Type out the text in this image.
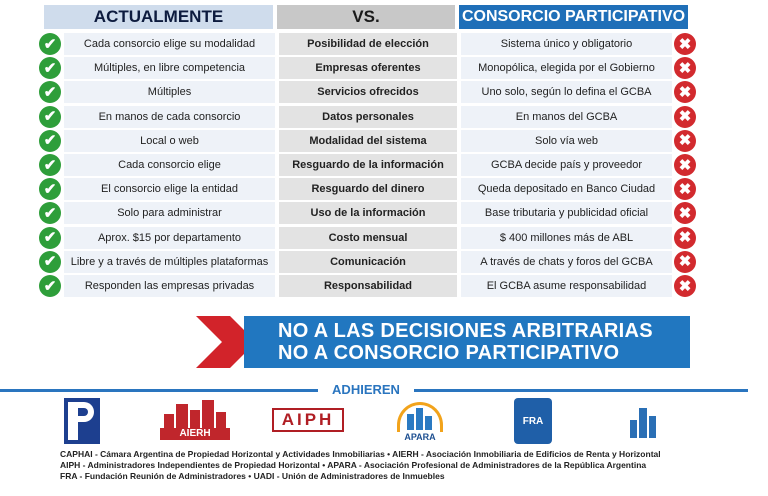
ACTUALMENTE	VS.	CONSORCIO PARTICIPATIVO
✔	Cada consorcio elige su modalidad	Posibilidad de elección	Sistema único y obligatorio	✖
✔	Múltiples, en libre competencia	Empresas oferentes	Monopólica, elegida por el Gobierno	✖
✔	Múltiples	Servicios ofrecidos	Uno solo, según lo defina el GCBA	✖
✔	En manos de cada consorcio	Datos personales	En manos del GCBA	✖
✔	Local o web	Modalidad del sistema	Solo vía web	✖
✔	Cada consorcio elige	Resguardo de la información	GCBA decide país y proveedor	✖
✔	El consorcio elige la entidad	Resguardo del dinero	Queda depositado en Banco Ciudad	✖
✔	Solo para administrar	Uso de la información	Base tributaria y publicidad oficial	✖
✔	Aprox. $15 por departamento	Costo mensual	$ 400 millones más de ABL	✖
✔	Libre y a través de múltiples plataformas	Comunicación	A través de chats y foros del GCBA	✖
✔	Responden las empresas privadas	Responsabilidad	El GCBA asume responsabilidad	✖
NO A LAS DECISIONES ARBITRARIAS
NO A CONSORCIO PARTICIPATIVO
ADHIEREN
AIERH
AIPH
APARA
FRA
CAPHAI - Cámara Argentina de Propiedad Horizontal y Actividades Inmobiliarias • AIERH - Asociación Inmobiliaria de Edificios de Renta y Horizontal
AIPH - Administradores Independientes de Propiedad Horizontal • APARA - Asociación Profesional de Administradores de la República Argentina
FRA - Fundación Reunión de Administradores • UADI - Unión de Administradores de Inmuebles
